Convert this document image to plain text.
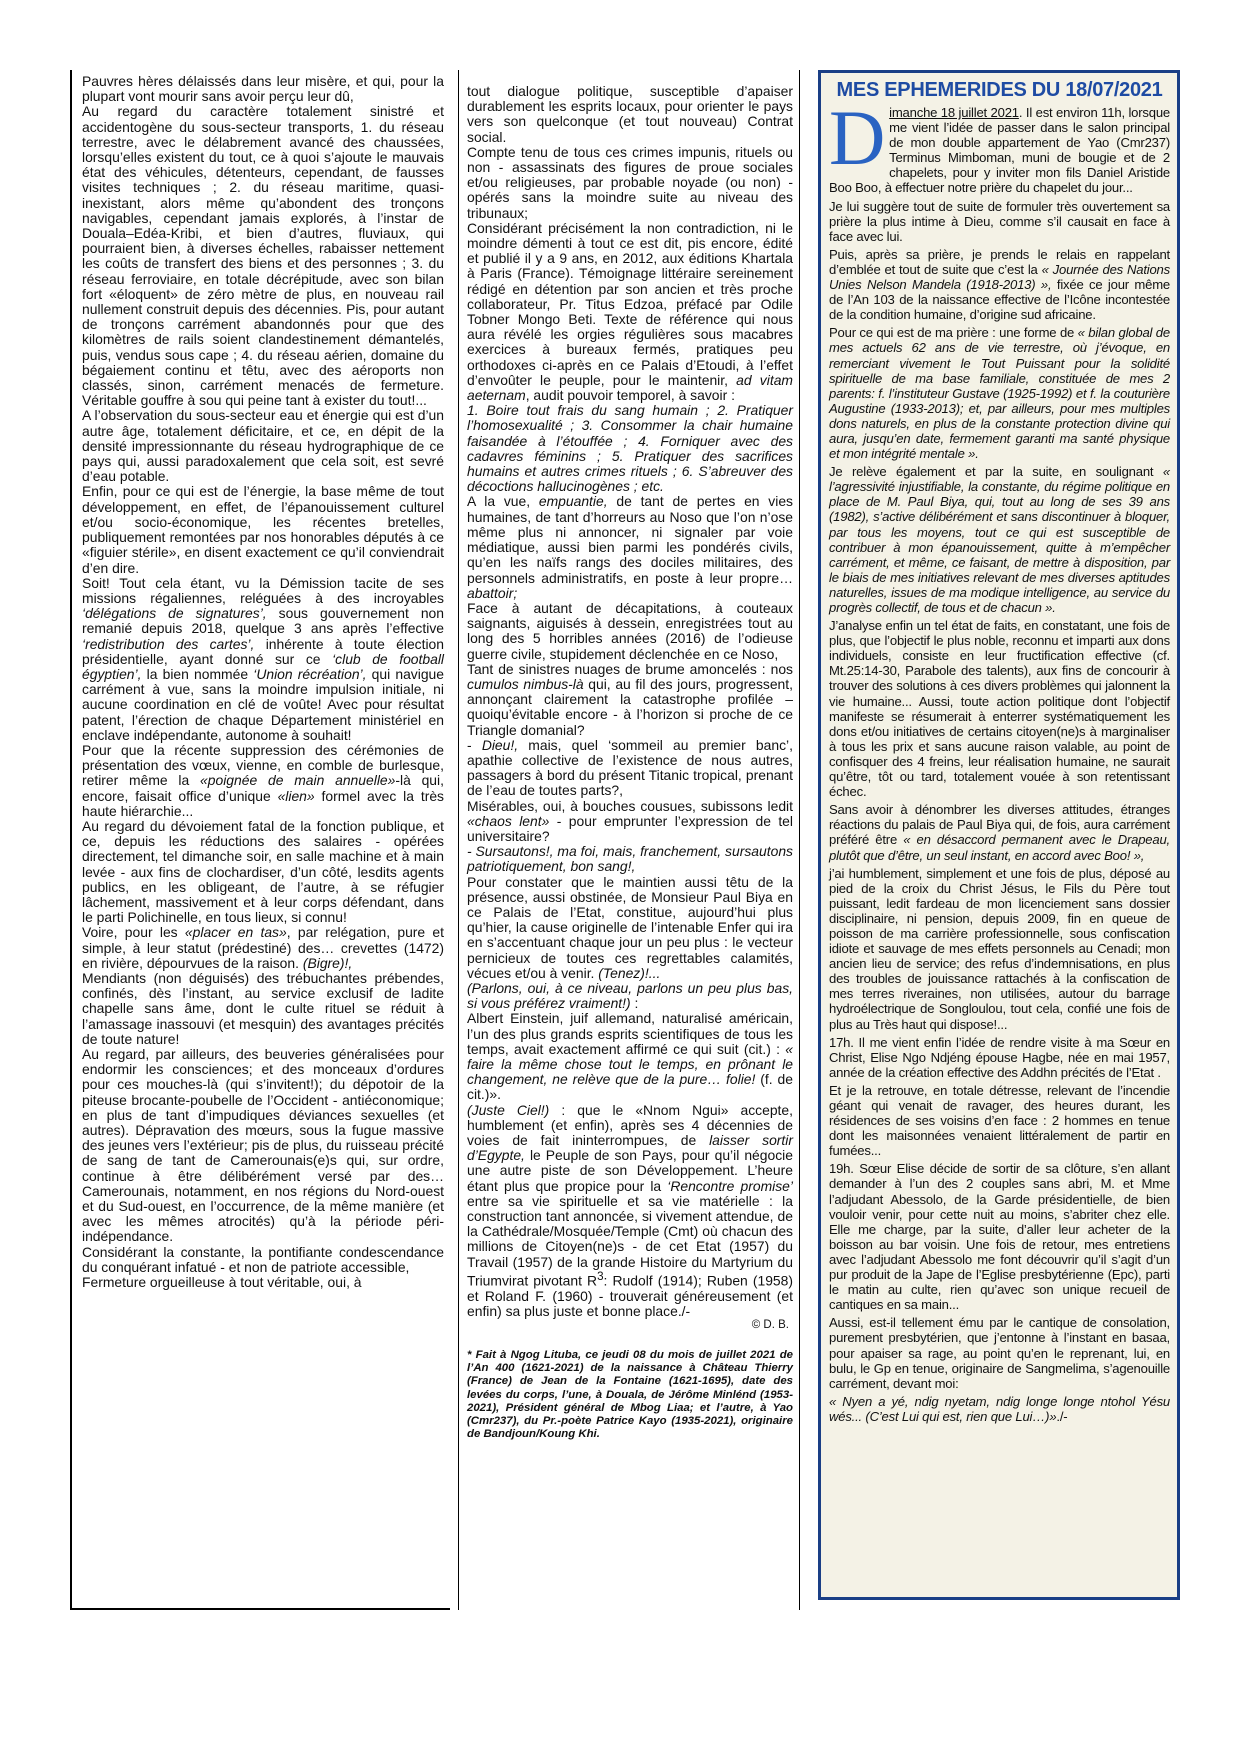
Pauvres hères délaissés dans leur misère, et qui, pour la plupart vont mourir sans avoir perçu leur dû,

Au regard du caractère totalement sinistré et accidentogène du sous-secteur transports, 1. du réseau terrestre, avec le délabrement avancé des chaussées, lorsqu’elles existent du tout, ce à quoi s’ajoute le mauvais état des véhicules, détenteurs, cependant, de fausses visites techniques ; 2. du réseau maritime, quasi-inexistant, alors même qu’abondent des tronçons navigables, cependant jamais explorés, à l’instar de Douala–Edéa-Kribi, et bien d’autres, fluviaux, qui pourraient bien, à diverses échelles, rabaisser nettement les coûts de transfert des biens et des personnes ; 3. du réseau ferroviaire, en totale décrépitude, avec son bilan fort «éloquent» de zéro mètre de plus, en nouveau rail nullement construit depuis des décennies. Pis, pour autant de tronçons carrément abandonnés pour que des kilomètres de rails soient clandestinement démantelés, puis, vendus sous cape ; 4. du réseau aérien, domaine du bégaiement continu et têtu, avec des aéroports non classés, sinon, carrément menacés de fermeture. Véritable gouffre à sou qui peine tant à exister du tout!...

A l’observation du sous-secteur eau et énergie qui est d’un autre âge, totalement déficitaire, et ce, en dépit de la densité impressionnante du réseau hydrographique de ce pays qui, aussi paradoxalement que cela soit, est sevré d’eau potable.

Enfin, pour ce qui est de l’énergie, la base même de tout développement, en effet, de l’épanouissement culturel et/ou socio-économique, les récentes bretelles, publiquement remontées par nos honorables députés à ce «figuier stérile», en disent exactement ce qu’il conviendrait d’en dire.

Soit! Tout cela étant, vu la Démission tacite de ses missions régaliennes, reléguées à des incroyables ‘délégations de signatures’, sous gouvernement non remanié depuis 2018, quelque 3 ans après l’effective ‘redistribution des cartes’, inhérente à toute élection présidentielle, ayant donné sur ce ‘club de football égyptien’, la bien nommée ‘Union récréation’, qui navigue carrément à vue, sans la moindre impulsion initiale, ni aucune coordination en clé de voûte! Avec pour résultat patent, l’érection de chaque Département ministériel en enclave indépendante, autonome à souhait!

Pour que la récente suppression des cérémonies de présentation des vœux, vienne, en comble de burlesque, retirer même la «poignée de main annuelle»-là qui, encore, faisait office d’unique «lien» formel avec la très haute hiérarchie...

Au regard du dévoiement fatal de la fonction publique, et ce, depuis les réductions des salaires - opérées directement, tel dimanche soir, en salle machine et à main levée - aux fins de clochardiser, d’un côté, lesdits agents publics, en les obligeant, de l’autre, à se réfugier lâchement, massivement et à leur corps défendant, dans le parti Polichinelle, en tous lieux, si connu!

Voire, pour les «placer en tas», par relégation, pure et simple, à leur statut (prédestiné) des… crevettes (1472) en rivière, dépourvues de la raison. (Bigre)!,

Mendiants (non déguisés) des trébuchantes prébendes, confinés, dès l’instant, au service exclusif de ladite chapelle sans âme, dont le culte rituel se réduit à l’amassage inassouvi (et mesquin) des avantages précités de toute nature!

Au regard, par ailleurs, des beuveries généralisées pour endormir les consciences; et des monceaux d’ordures pour ces mouches-là (qui s’invitent!); du dépotoir de la piteuse brocante-poubelle de l’Occident - antiéconomique; en plus de tant d’impudiques déviances sexuelles (et autres). Dépravation des mœurs, sous la fugue massive des jeunes vers l’extérieur; pis de plus, du ruisseau précité de sang de tant de Camerounais(e)s qui, sur ordre, continue à être délibérément versé par des… Camerounais, notamment, en nos régions du Nord-ouest et du Sud-ouest, en l’occurrence, de la même manière (et avec les mêmes atrocités) qu’à la période péri-indépendance.

Considérant la constante, la pontifiante condescendance du conquérant infatué - et non de patriote accessible,

Fermeture orgueilleuse à tout véritable, oui, à

tout dialogue politique, susceptible d’apaiser durablement les esprits locaux, pour orienter le pays vers son quelconque (et tout nouveau) Contrat social.

Compte tenu de tous ces crimes impunis, rituels ou non - assassinats des figures de proue sociales et/ou religieuses, par probable noyade (ou non) - opérés sans la moindre suite au niveau des tribunaux;

Considérant précisément la non contradiction, ni le moindre démenti à tout ce est dit, pis encore, édité et publié il y a 9 ans, en 2012, aux éditions Khartala à Paris (France). Témoignage littéraire sereinement rédigé en détention par son ancien et très proche collaborateur, Pr. Titus Edzoa, préfacé par Odile Tobner Mongo Beti. Texte de référence qui nous aura révélé les orgies régulières sous macabres exercices à bureaux fermés, pratiques peu orthodoxes ci-après en ce Palais d’Etoudi, à l’effet d’envoûter le peuple, pour le maintenir, ad vitam aeternam, audit pouvoir temporel, à savoir :

1. Boire tout frais du sang humain ; 2. Pratiquer l’homosexualité ; 3. Consommer la chair humaine faisandée à l’étouffée ; 4. Forniquer avec des cadavres féminins ; 5. Pratiquer des sacrifices humains et autres crimes rituels ; 6. S’abreuver des décoctions hallucinogènes ; etc.

A la vue, empuantie, de tant de pertes en vies humaines, de tant d’horreurs au Noso que l’on n’ose même plus ni annoncer, ni signaler par voie médiatique, aussi bien parmi les pondérés civils, qu’en les naïfs rangs des dociles militaires, des personnels administratifs, en poste à leur propre… abattoir;

Face à autant de décapitations, à couteaux saignants, aiguisés à dessein, enregistrées tout au long des 5 horribles années (2016) de l’odieuse guerre civile, stupidement déclenchée en ce Noso,

Tant de sinistres nuages de brume amoncelés : nos cumulos nimbus-là qui, au fil des jours, progressent, annonçant clairement la catastrophe profilée – quoiqu’évitable encore - à l’horizon si proche de ce Triangle domanial?

- Dieu!, mais, quel ‘sommeil au premier banc’, apathie collective de l’existence de nous autres, passagers à bord du présent Titanic tropical, prenant de l’eau de toutes parts?,

Misérables, oui, à bouches cousues, subissons ledit «chaos lent» - pour emprunter l’expression de tel universitaire?

- Sursautons!, ma foi, mais, franchement, sursautons patriotiquement, bon sang!,

Pour constater que le maintien aussi têtu de la présence, aussi obstinée, de Monsieur Paul Biya en ce Palais de l’Etat, constitue, aujourd’hui plus qu’hier, la cause originelle de l’intenable Enfer qui ira en s’accentuant chaque jour un peu plus : le vecteur pernicieux de toutes ces regrettables calamités, vécues et/ou à venir. (Tenez)!...

(Parlons, oui, à ce niveau, parlons un peu plus bas, si vous préférez vraiment!) :

Albert Einstein, juif allemand, naturalisé américain, l’un des plus grands esprits scientifiques de tous les temps, avait exactement affirmé ce qui suit (cit.) : « faire la même chose tout le temps, en prônant le changement, ne relève que de la pure… folie! (f. de cit.)».

(Juste Ciel!) : que le «Nnom Ngui» accepte, humblement (et enfin), après ses 4 décennies de voies de fait ininterrompues, de laisser sortir d’Egypte, le Peuple de son Pays, pour qu’il négocie une autre piste de son Développement. L’heure étant plus que propice pour la ‘Rencontre promise’ entre sa vie spirituelle et sa vie matérielle : la construction tant annoncée, si vivement attendue, de la Cathédrale/Mosquée/Temple (Cmt) où chacun des millions de Citoyen(ne)s - de cet Etat (1957) du Travail (1957) de la grande Histoire du Martyrium du Triumvirat pivotant $R^3$: Rudolf (1914); Ruben (1958) et Roland F. (1960) - trouverait généreusement (et enfin) sa plus juste et bonne place./-

© D. B.

* Fait à Ngog Lituba, ce jeudi 08 du mois de juillet 2021 de l’An 400 (1621-2021) de la naissance à Château Thierry (France) de Jean de la Fontaine (1621-1695), date des levées du corps, l’une, à Douala, de Jérôme Minlénd (1953-2021), Président général de Mbog Liaa; et l’autre, à Yao (Cmr237), du Pr.-poète Patrice Kayo (1935-2021), originaire de Bandjoun/Koung Khi.

MES EPHEMERIDES DU 18/07/2021

Dimanche 18 juillet 2021. Il est environ 11h, lorsque me vient l’idée de passer dans le salon principal de mon double appartement de Yao (Cmr237) Terminus Mimboman, muni de bougie et de 2 chapelets, pour y inviter mon fils Daniel Aristide Boo Boo, à effectuer notre prière du chapelet du jour...

Je lui suggère tout de suite de formuler très ouvertement sa prière la plus intime à Dieu, comme s’il causait en face à face avec lui.

Puis, après sa prière, je prends le relais en rappelant d’emblée et tout de suite que c’est la « Journée des Nations Unies Nelson Mandela (1918-2013) », fixée ce jour même de l’An 103 de la naissance effective de l’Icône incontestée de la condition humaine, d’origine sud africaine.

Pour ce qui est de ma prière : une forme de « bilan global de mes actuels 62 ans de vie terrestre, où j’évoque, en remerciant vivement le Tout Puissant pour la solidité spirituelle de ma base familiale, constituée de mes 2 parents: f. l’instituteur Gustave (1925-1992) et f. la couturière Augustine (1933-2013); et, par ailleurs, pour mes multiples dons naturels, en plus de la constante protection divine qui aura, jusqu’en date, fermement garanti ma santé physique et mon intégrité mentale ».

Je relève également et par la suite, en soulignant « l’agressivité injustifiable, la constante, du régime politique en place de M. Paul Biya, qui, tout au long de ses 39 ans (1982), s’active délibérément et sans discontinuer à bloquer, par tous les moyens, tout ce qui est susceptible de contribuer à mon épanouissement, quitte à m’empêcher carrément, et même, ce faisant, de mettre à disposition, par le biais de mes initiatives relevant de mes diverses aptitudes naturelles, issues de ma modique intelligence, au service du progrès collectif, de tous et de chacun ».

J’analyse enfin un tel état de faits, en constatant, une fois de plus, que l’objectif le plus noble, reconnu et imparti aux dons individuels, consiste en leur fructification effective (cf. Mt.25:14-30, Parabole des talents), aux fins de concourir à trouver des solutions à ces divers problèmes qui jalonnent la vie humaine... Aussi, toute action politique dont l’objectif manifeste se résumerait à enterrer systématiquement les dons et/ou initiatives de certains citoyen(ne)s à marginaliser à tous les prix et sans aucune raison valable, au point de confisquer des 4 freins, leur réalisation humaine, ne saurait qu’être, tôt ou tard, totalement vouée à son retentissant échec.

Sans avoir à dénombrer les diverses attitudes, étranges réactions du palais de Paul Biya qui, de fois, aura carrément préféré être « en désaccord permanent avec le Drapeau, plutôt que d’être, un seul instant, en accord avec Boo! »,

j’ai humblement, simplement et une fois de plus, déposé au pied de la croix du Christ Jésus, le Fils du Père tout puissant, ledit fardeau de mon licenciement sans dossier disciplinaire, ni pension, depuis 2009, fin en queue de poisson de ma carrière professionnelle, sous confiscation idiote et sauvage de mes effets personnels au Cenadi; mon ancien lieu de service; des refus d’indemnisations, en plus des troubles de jouissance rattachés à la confiscation de mes terres riveraines, non utilisées, autour du barrage hydroélectrique de Songloulou, tout cela, confié une fois de plus au Très haut qui dispose!...

17h. Il me vient enfin l’idée de rendre visite à ma Sœur en Christ, Elise Ngo Ndjéng épouse Hagbe, née en mai 1957, année de la création effective des Addhn précités de l’Etat .

Et je la retrouve, en totale détresse, relevant de l’incendie géant qui venait de ravager, des heures durant, les résidences de ses voisins d’en face : 2 hommes en tenue dont les maisonnées venaient littéralement de partir en fumées...

19h. Sœur Elise décide de sortir de sa clôture, s’en allant demander à l’un des 2 couples sans abri, M. et Mme l’adjudant Abessolo, de la Garde présidentielle, de bien vouloir venir, pour cette nuit au moins, s’abriter chez elle. Elle me charge, par la suite, d’aller leur acheter de la boisson au bar voisin. Une fois de retour, mes entretiens avec l’adjudant Abessolo me font découvrir qu’il s’agit d’un pur produit de la Jape de l’Eglise presbytérienne (Epc), parti le matin au culte, rien qu’avec son unique recueil de cantiques en sa main...

Aussi, est-il tellement ému par le cantique de consolation, purement presbytérien, que j’entonne à l’instant en basaa, pour apaiser sa rage, au point qu’en le reprenant, lui, en bulu, le Gp en tenue, originaire de Sangmelima, s’agenouille carrément, devant moi:

« Nyen a yé, ndig nyetam, ndig longe longe ntohol Yésu wés... (C’est Lui qui est, rien que Lui…)»./-
